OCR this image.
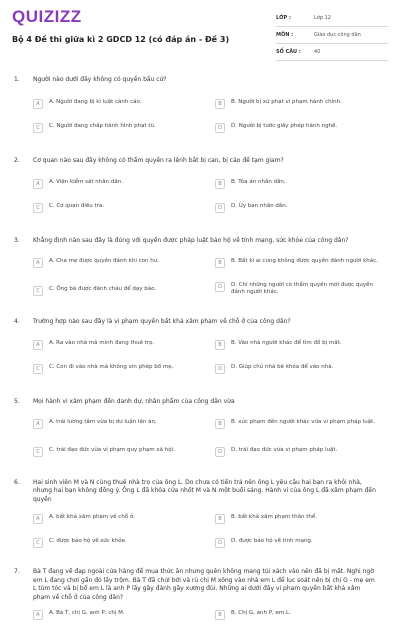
QUIZIZZ
Bộ 4 Đề thi giữa kì 2 GDCD 12 (có đáp án - Đề 3)
LỚP :	Lớp 12
MÔN :	Giáo dục công dân
SỐ CÂU :	40
1. Người nào dưới đây không có quyền bầu cử?
A	A. Người đang bị kỉ luật cảnh cáo.	B	B. Người bị xử phạt vi phạm hành chính.
C	C. Người đang chấp hành hình phạt tù.	D	D. Người bị tước giấy phép hành nghề.
2. Cơ quan nào sau đây không có thẩm quyền ra lệnh bắt bị can, bị cáo để tạm giam?
A	A. Viện kiểm sát nhân dân.	B	B. Tòa án nhân dân.
C	C. Cơ quan điều tra.	D	D. Ủy ban nhân dân.
3. Khẳng định nào sau đây là đúng với quyền được pháp luật bảo hộ về tính mạng, sức khỏe của công dân?
A	A. Cha mẹ được quyền đánh khi con hư.	B	B. Bất kì ai cũng không được quyền đánh người khác.
C	C. Ông bà được đánh cháu để dạy bảo.	D	D. Chỉ những người có thẩm quyền mới được quyền đánh người khác.
4. Trường hợp nào sau đây là vi phạm quyền bất khả xâm phạm về chỗ ở của công dân?
A	A. Ra vào nhà mà mình đang thuê trọ.	B	B. Vào nhà người khác để tìm đồ bị mất.
C	C. Con đi vào nhà mà không xin phép bố mẹ.	D	D. Giúp chủ nhà bê khóa để vào nhà.
5. Mọi hành vi xâm phạm đến danh dự, nhân phẩm của công dân vừa
A	A. trái lương tâm vừa bị dư luận lên án.	B	B. xúc phạm đến người khác vừa vi phạm pháp luật.
C	C. trái đạo đức vừa vi phạm quy phạm xã hội.	D	D. trái đạo đức vừa vi phạm pháp luật.
6. Hai sinh viên M và N cùng thuê nhà trọ của ông L. Do chưa có tiền trả nên ông L yêu cầu hai bạn ra khỏi nhà, nhưng hai bạn không đồng ý. Ông L đã khóa cửa nhốt M và N một buổi sáng. Hành vi của ông L đã xâm phạm đến quyền
A	A. bất khả xâm phạm về chỗ ở.	B	B. bất khả xâm phạm thân thể.
C	C. được bảo hộ về sức khỏe.	D	D. được bảo hộ về tính mạng.
7. Bà T đang vẽ đạp ngoài cửa hàng để mua thức ăn nhưng quên không mang túi xách vào nên đã bị mất. Nghi ngờ em L đang chơi gần đó lấy trộm. Bà T đã chửi bới và rủ chị M xông vào nhà em L để lục soát nên bị chị G - mẹ em L túm tóc và bị bố em L là anh P lấy gậy đánh gãy xương đùi. Những ai dưới đây vi phạm quyền bất khả xâm phạm về chỗ ở của công dân?
A	A. Bà T, chị G, anh P, chị M.	B	B. Chị G, anh P, em L.
